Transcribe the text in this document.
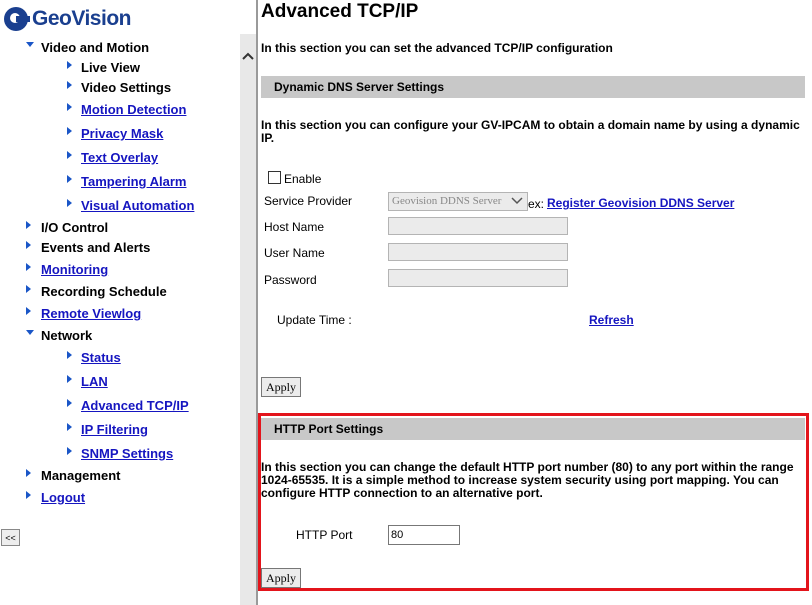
GeoVision
Video and Motion
Live View
Video Settings
Motion Detection
Privacy Mask
Text Overlay
Tampering Alarm
Visual Automation
I/O Control
Events and Alerts
Monitoring
Recording Schedule
Remote Viewlog
Network
Status
LAN
Advanced TCP/IP
IP Filtering
SNMP Settings
Management
Logout
<<
Advanced TCP/IP
In this section you can set the advanced TCP/IP configuration
Dynamic DNS Server Settings
In this section you can configure your GV-IPCAM to obtain a domain name by using a dynamic IP.
Enable
Service Provider	Geovision DDNS Server	ex: Register Geovision DDNS Server
Host Name
User Name
Password
Update Time :	Refresh
Apply
HTTP Port Settings
In this section you can change the default HTTP port number (80) to any port within the range 1024-65535. It is a simple method to increase system security using port mapping. You can configure HTTP connection to an alternative port.
HTTP Port	80
Apply
